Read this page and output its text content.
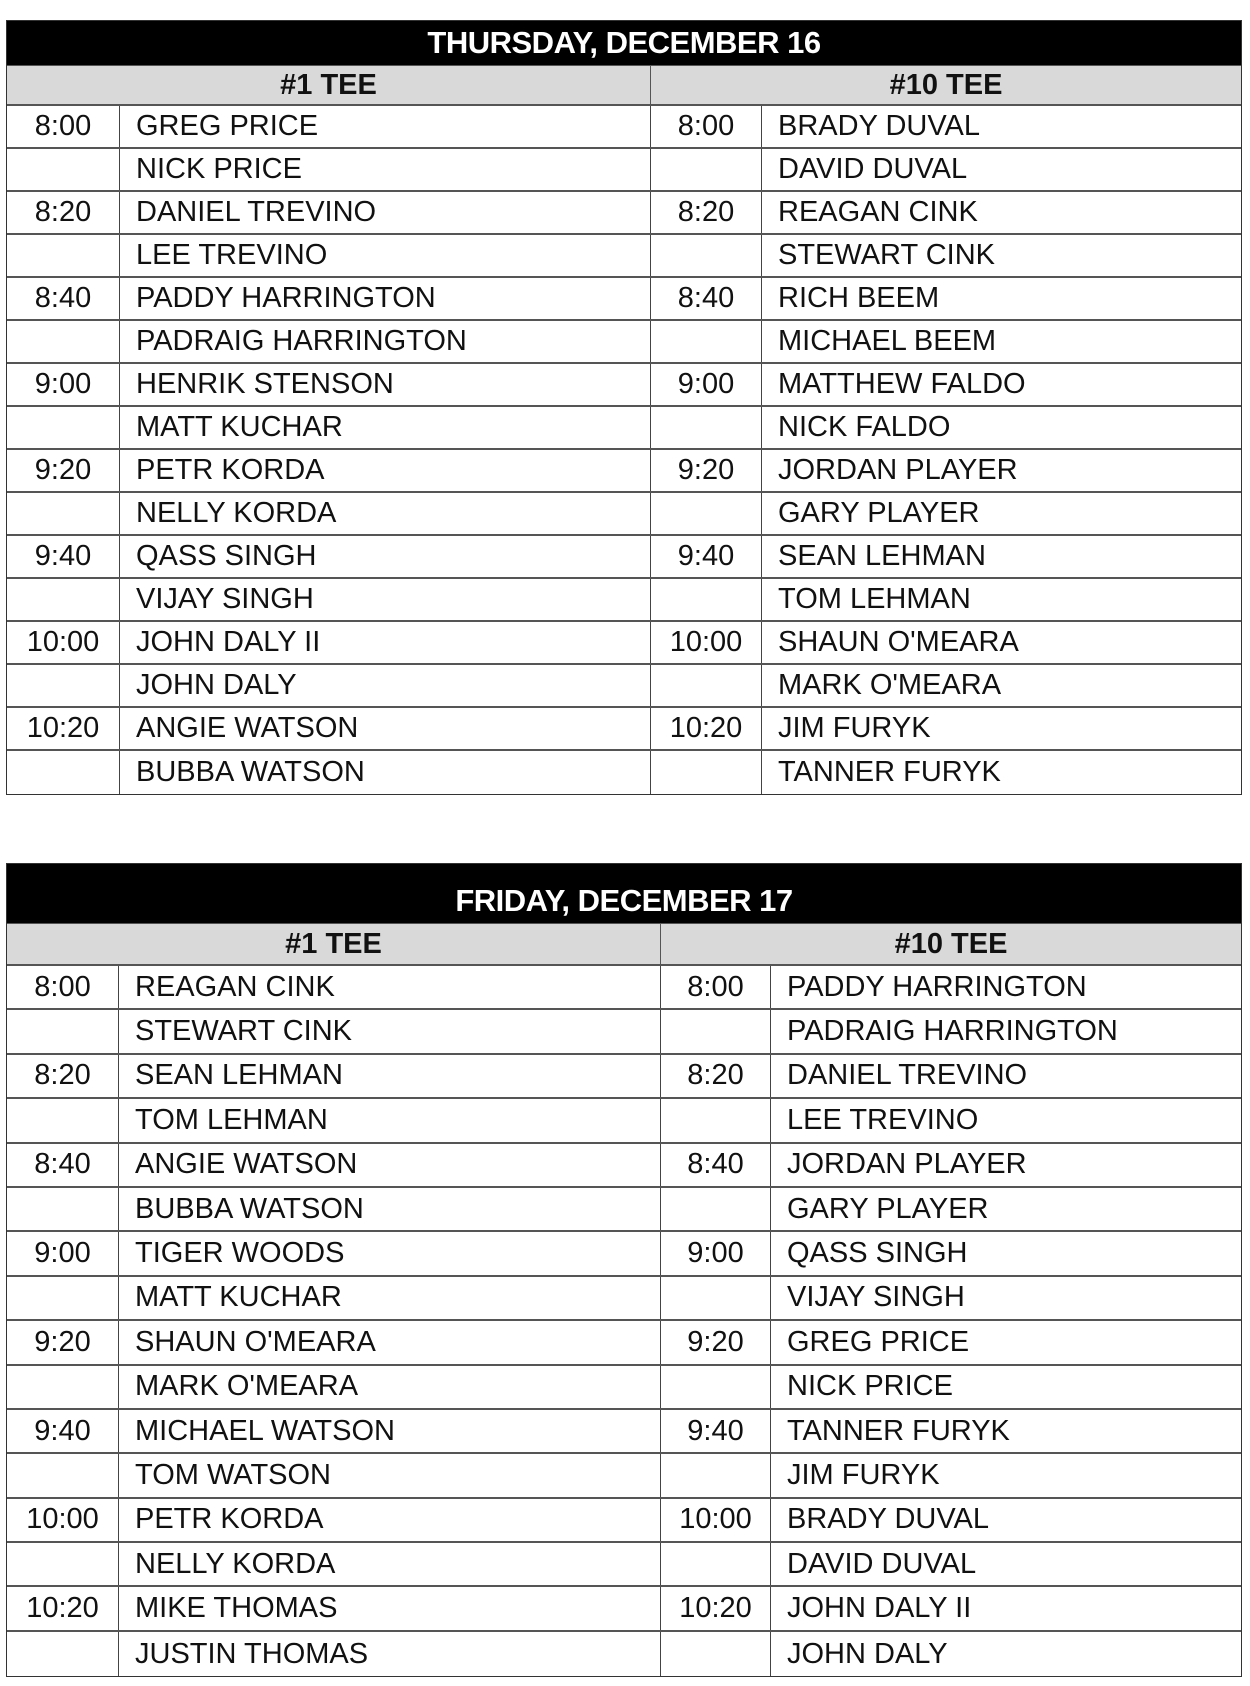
THURSDAY, DECEMBER 16
#1 TEE	#10 TEE
8:00	GREG PRICE	8:00	BRADY DUVAL
NICK PRICE	DAVID DUVAL
8:20	DANIEL TREVINO	8:20	REAGAN CINK
LEE TREVINO	STEWART CINK
8:40	PADDY HARRINGTON	8:40	RICH BEEM
PADRAIG HARRINGTON	MICHAEL BEEM
9:00	HENRIK STENSON	9:00	MATTHEW FALDO
MATT KUCHAR	NICK FALDO
9:20	PETR KORDA	9:20	JORDAN PLAYER
NELLY KORDA	GARY PLAYER
9:40	QASS SINGH	9:40	SEAN LEHMAN
VIJAY SINGH	TOM LEHMAN
10:00	JOHN DALY II	10:00	SHAUN O'MEARA
JOHN DALY	MARK O'MEARA
10:20	ANGIE WATSON	10:20	JIM FURYK
BUBBA WATSON	TANNER FURYK
FRIDAY, DECEMBER 17
#1 TEE	#10 TEE
8:00	REAGAN CINK	8:00	PADDY HARRINGTON
STEWART CINK	PADRAIG HARRINGTON
8:20	SEAN LEHMAN	8:20	DANIEL TREVINO
TOM LEHMAN	LEE TREVINO
8:40	ANGIE WATSON	8:40	JORDAN PLAYER
BUBBA WATSON	GARY PLAYER
9:00	TIGER WOODS	9:00	QASS SINGH
MATT KUCHAR	VIJAY SINGH
9:20	SHAUN O'MEARA	9:20	GREG PRICE
MARK O'MEARA	NICK PRICE
9:40	MICHAEL WATSON	9:40	TANNER FURYK
TOM WATSON	JIM FURYK
10:00	PETR KORDA	10:00	BRADY DUVAL
NELLY KORDA	DAVID DUVAL
10:20	MIKE THOMAS	10:20	JOHN DALY II
JUSTIN THOMAS	JOHN DALY
